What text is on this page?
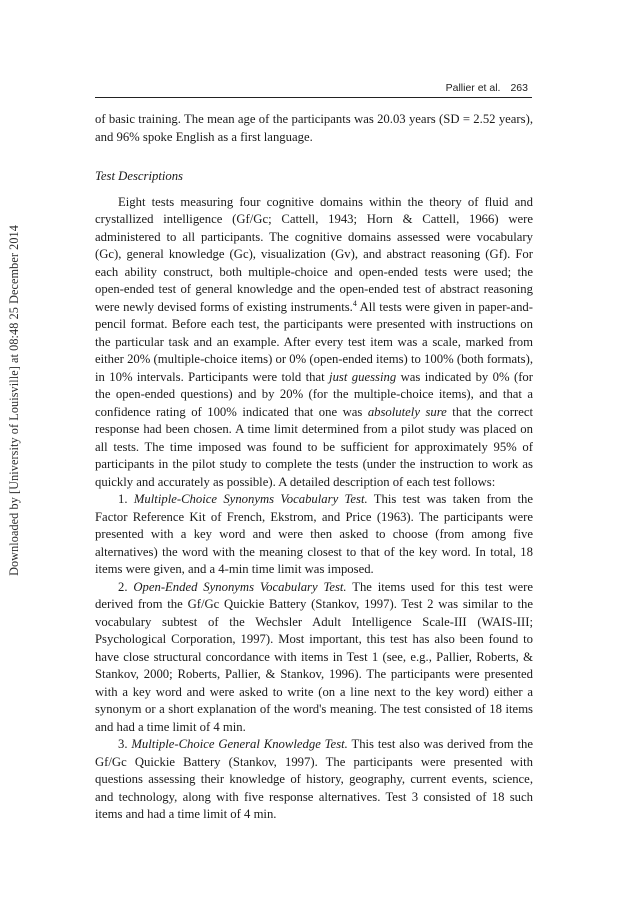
Downloaded by [University of Louisville] at 08:48 25 December 2014
Pallier et al. 263

of basic training. The mean age of the participants was 20.03 years (SD = 2.52 years), and 96% spoke English as a first language.

Test Descriptions

Eight tests measuring four cognitive domains within the theory of fluid and crystallized intelligence (Gf/Gc; Cattell, 1943; Horn & Cattell, 1966) were administered to all participants. The cognitive domains assessed were vocabulary (Gc), general knowledge (Gc), visualization (Gv), and abstract reasoning (Gf). For each ability construct, both multiple-choice and open-ended tests were used; the open-ended test of general knowledge and the open-ended test of abstract reasoning were newly devised forms of existing instruments.$^4$ All tests were given in paper-and-pencil format. Before each test, the participants were presented with instructions on the particular task and an example. After every test item was a scale, marked from either 20% (multiple-choice items) or 0% (open-ended items) to 100% (both formats), in 10% intervals. Participants were told that just guessing was indicated by 0% (for the open-ended questions) and by 20% (for the multiple-choice items), and that a confidence rating of 100% indicated that one was absolutely sure that the correct response had been chosen. A time limit determined from a pilot study was placed on all tests. The time imposed was found to be sufficient for approximately 95% of participants in the pilot study to complete the tests (under the instruction to work as quickly and accurately as possible). A detailed description of each test follows:

1. Multiple-Choice Synonyms Vocabulary Test. This test was taken from the Factor Reference Kit of French, Ekstrom, and Price (1963). The participants were presented with a key word and were then asked to choose (from among five alternatives) the word with the meaning closest to that of the key word. In total, 18 items were given, and a 4-min time limit was imposed.

2. Open-Ended Synonyms Vocabulary Test. The items used for this test were derived from the Gf/Gc Quickie Battery (Stankov, 1997). Test 2 was similar to the vocabulary subtest of the Wechsler Adult Intelligence Scale-III (WAIS-III; Psychological Corporation, 1997). Most important, this test has also been found to have close structural concordance with items in Test 1 (see, e.g., Pallier, Roberts, & Stankov, 2000; Roberts, Pallier, & Stankov, 1996). The participants were presented with a key word and were asked to write (on a line next to the key word) either a synonym or a short explanation of the word's meaning. The test consisted of 18 items and had a time limit of 4 min.

3. Multiple-Choice General Knowledge Test. This test also was derived from the Gf/Gc Quickie Battery (Stankov, 1997). The participants were presented with questions assessing their knowledge of history, geography, current events, science, and technology, along with five response alternatives. Test 3 consisted of 18 such items and had a time limit of 4 min.
